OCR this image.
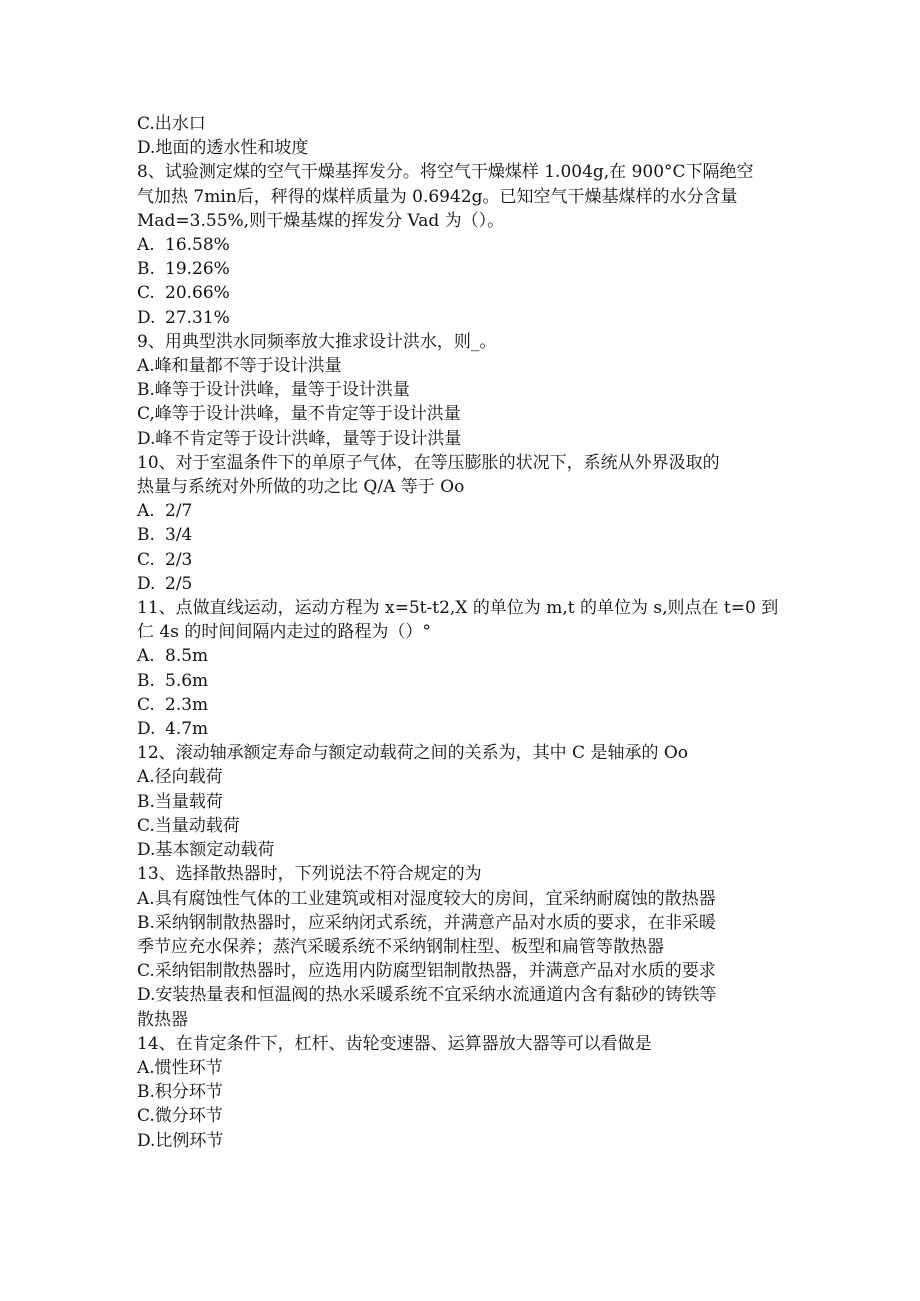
C.出水口
D.地面的透水性和坡度
8、试验测定煤的空气干燥基挥发分。将空气干燥煤样 1.004g,在 900°C下隔绝空
气加热 7min后，秤得的煤样质量为 0.6942g。已知空气干燥基煤样的水分含量
Mad=3.55%,则干燥基煤的挥发分 Vad 为（）。
A. 16.58%
B. 19.26%
C. 20.66%
D. 27.31%
9、用典型洪水同频率放大推求设计洪水，则_。
A.峰和量都不等于设计洪量
B.峰等于设计洪峰，量等于设计洪量
C,峰等于设计洪峰，量不肯定等于设计洪量
D.峰不肯定等于设计洪峰，量等于设计洪量
10、对于室温条件下的单原子气体，在等压膨胀的状况下，系统从外界汲取的
热量与系统对外所做的功之比 Q/A 等于 Oo
A. 2/7
B. 3/4
C. 2/3
D. 2/5
11、点做直线运动，运动方程为 x=5t-t2,X 的单位为 m,t 的单位为 s,则点在 t=0 到
仁 4s 的时间间隔内走过的路程为（）°
A. 8.5m
B. 5.6m
C. 2.3m
D. 4.7m
12、滚动轴承额定寿命与额定动载荷之间的关系为，其中 C 是轴承的 Oo
A.径向载荷
B.当量载荷
C.当量动载荷
D.基本额定动载荷
13、选择散热器时，下列说法不符合规定的为
A.具有腐蚀性气体的工业建筑或相对湿度较大的房间，宜采纳耐腐蚀的散热器
B.采纳钢制散热器时，应采纳闭式系统，并满意产品对水质的要求，在非采暖
季节应充水保养；蒸汽采暖系统不采纳钢制柱型、板型和扁管等散热器
C.采纳铝制散热器时，应选用内防腐型铝制散热器，并满意产品对水质的要求
D.安装热量表和恒温阀的热水采暖系统不宜采纳水流通道内含有黏砂的铸铁等
散热器
14、在肯定条件下，杠杆、齿轮变速器、运算器放大器等可以看做是
A.惯性环节
B.积分环节
C.微分环节
D.比例环节
